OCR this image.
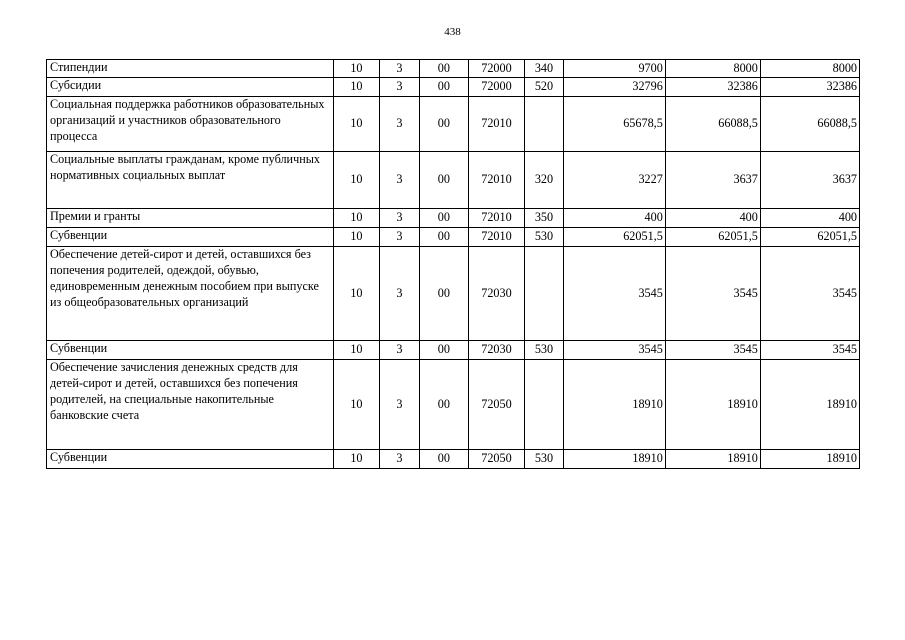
438
Стипендии	10	3	00	72000	340	9700	8000	8000
Субсидии	10	3	00	72000	520	32796	32386	32386
Социальная поддержка работников образовательных организаций и участников образовательного процесса	10	3	00	72010		65678,5	66088,5	66088,5
Социальные выплаты гражданам, кроме публичных нормативных социальных выплат	10	3	00	72010	320	3227	3637	3637
Премии и гранты	10	3	00	72010	350	400	400	400
Субвенции	10	3	00	72010	530	62051,5	62051,5	62051,5
Обеспечение детей-сирот и детей, оставшихся без попечения родителей, одеждой, обувью, единовременным денежным пособием при выпуске из общеобразовательных организаций	10	3	00	72030		3545	3545	3545
Субвенции	10	3	00	72030	530	3545	3545	3545
Обеспечение зачисления денежных средств для детей-сирот и детей, оставшихся без попечения родителей, на специальные накопительные банковские счета	10	3	00	72050		18910	18910	18910
Субвенции	10	3	00	72050	530	18910	18910	18910
